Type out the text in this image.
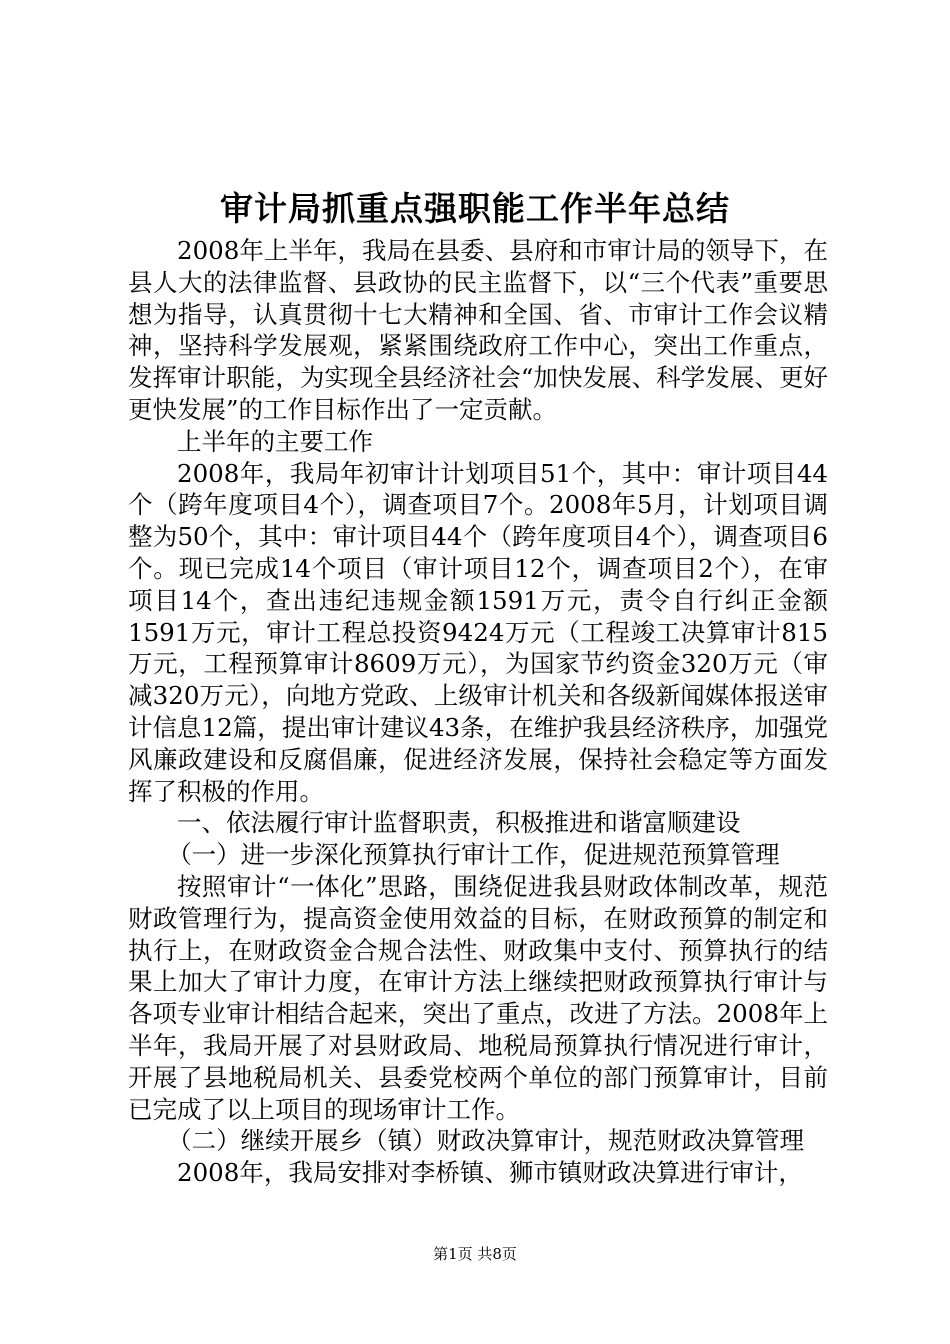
审计局抓重点强职能工作半年总结

2008年上半年，我局在县委、县府和市审计局的领导下，在县人大的法律监督、县政协的民主监督下，以“三个代表”重要思想为指导，认真贯彻十七大精神和全国、省、市审计工作会议精神，坚持科学发展观，紧紧围绕政府工作中心，突出工作重点，发挥审计职能，为实现全县经济社会“加快发展、科学发展、更好更快发展”的工作目标作出了一定贡献。

上半年的主要工作

2008年，我局年初审计计划项目51个，其中：审计项目44个（跨年度项目4个），调查项目7个。2008年5月，计划项目调整为50个，其中：审计项目44个（跨年度项目4个），调查项目6个。现已完成14个项目（审计项目12个，调查项目2个），在审项目14个，查出违纪违规金额1591万元，责令自行纠正金额1591万元，审计工程总投资9424万元（工程竣工决算审计815万元，工程预算审计8609万元），为国家节约资金320万元（审减320万元），向地方党政、上级审计机关和各级新闻媒体报送审计信息12篇，提出审计建议43条，在维护我县经济秩序，加强党风廉政建设和反腐倡廉，促进经济发展，保持社会稳定等方面发挥了积极的作用。

一、依法履行审计监督职责，积极推进和谐富顺建设

（一）进一步深化预算执行审计工作，促进规范预算管理

按照审计“一体化”思路，围绕促进我县财政体制改革，规范财政管理行为，提高资金使用效益的目标，在财政预算的制定和执行上，在财政资金合规合法性、财政集中支付、预算执行的结果上加大了审计力度，在审计方法上继续把财政预算执行审计与各项专业审计相结合起来，突出了重点，改进了方法。2008年上半年，我局开展了对县财政局、地税局预算执行情况进行审计，开展了县地税局机关、县委党校两个单位的部门预算审计，目前已完成了以上项目的现场审计工作。

（二）继续开展乡（镇）财政决算审计，规范财政决算管理

2008年，我局安排对李桥镇、狮市镇财政决算进行审计，

第1页 共8页
